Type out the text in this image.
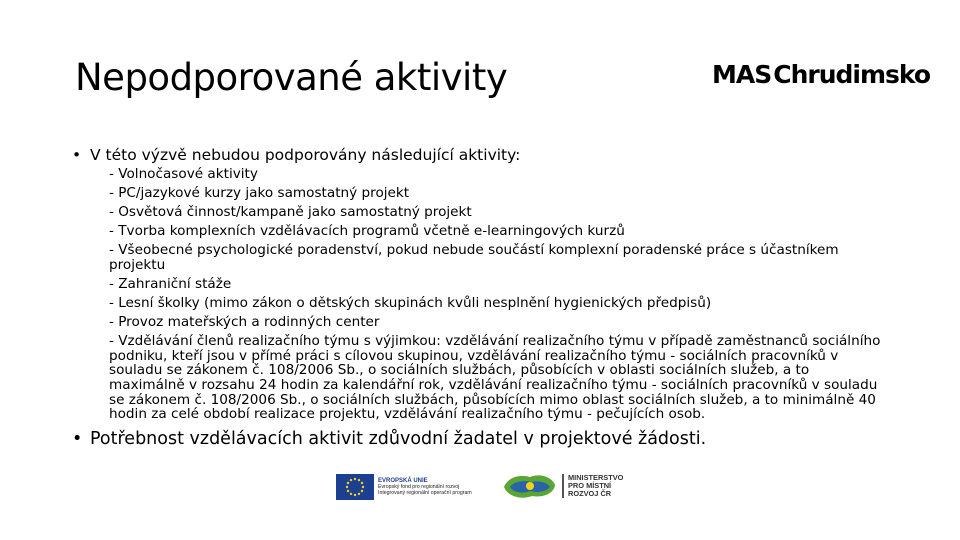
Nepodporované aktivity	MAS Chrudimsko
• V této výzvě nebudou podporovány následující aktivity:
- Volnočasové aktivity
- PC/jazykové kurzy jako samostatný projekt
- Osvětová činnost/kampaně jako samostatný projekt
- Tvorba komplexních vzdělávacích programů včetně e-learningových kurzů
- Všeobecné psychologické poradenství, pokud nebude součástí komplexní poradenské práce s účastníkem projektu
- Zahraniční stáže
- Lesní školky (mimo zákon o dětských skupinách kvůli nesplnění hygienických předpisů)
- Provoz mateřských a rodinných center
- Vzdělávání členů realizačního týmu s výjimkou: vzdělávání realizačního týmu v případě zaměstnanců sociálního podniku, kteří jsou v přímé práci s cílovou skupinou, vzdělávání realizačního týmu - sociálních pracovníků v souladu se zákonem č. 108/2006 Sb., o sociálních službách, působících v oblasti sociálních služeb, a to maximálně v rozsahu 24 hodin za kalendářní rok, vzdělávání realizačního týmu - sociálních pracovníků v souladu se zákonem č. 108/2006 Sb., o sociálních službách, působících mimo oblast sociálních služeb, a to minimálně 40 hodin za celé období realizace projektu, vzdělávání realizačního týmu - pečujících osob.
• Potřebnost vzdělávacích aktivit zdůvodní žadatel v projektové žádosti.
EVROPSKÁ UNIE
Evropský fond pro regionální rozvoj
Integrovaný regionální operační program
MINISTERSTVO
PRO MÍSTNÍ
ROZVOJ ČR
